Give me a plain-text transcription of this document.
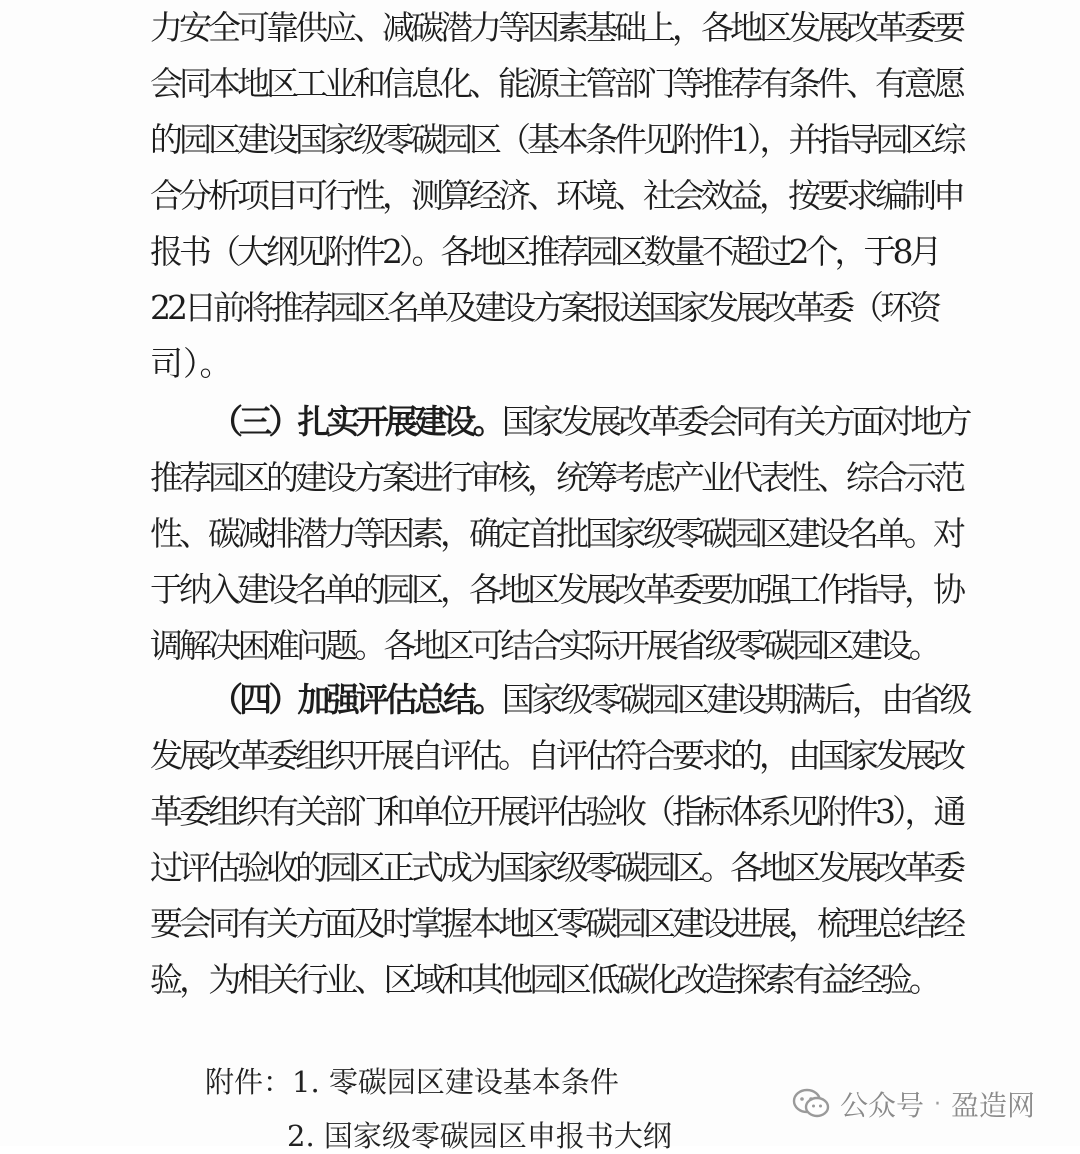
力安全可靠供应、减碳潜力等因素基础上，各地区发展改革委要
会同本地区工业和信息化、能源主管部门等推荐有条件、有意愿
的园区建设国家级零碳园区（基本条件见附件1），并指导园区综
合分析项目可行性，测算经济、环境、社会效益，按要求编制申
报书（大纲见附件2）。各地区推荐园区数量不超过2个，于8月
22日前将推荐园区名单及建设方案报送国家发展改革委（环资
司）。
（三）扎实开展建设。国家发展改革委会同有关方面对地方
推荐园区的建设方案进行审核，统筹考虑产业代表性、综合示范
性、碳减排潜力等因素，确定首批国家级零碳园区建设名单。对
于纳入建设名单的园区，各地区发展改革委要加强工作指导，协
调解决困难问题。各地区可结合实际开展省级零碳园区建设。
（四）加强评估总结。国家级零碳园区建设期满后，由省级
发展改革委组织开展自评估。自评估符合要求的，由国家发展改
革委组织有关部门和单位开展评估验收（指标体系见附件3），通
过评估验收的园区正式成为国家级零碳园区。各地区发展改革委
要会同有关方面及时掌握本地区零碳园区建设进展，梳理总结经
验，为相关行业、区域和其他园区低碳化改造探索有益经验。
附件：1. 零碳园区建设基本条件
2. 国家级零碳园区申报书大纲
公众号 · 盈造网
